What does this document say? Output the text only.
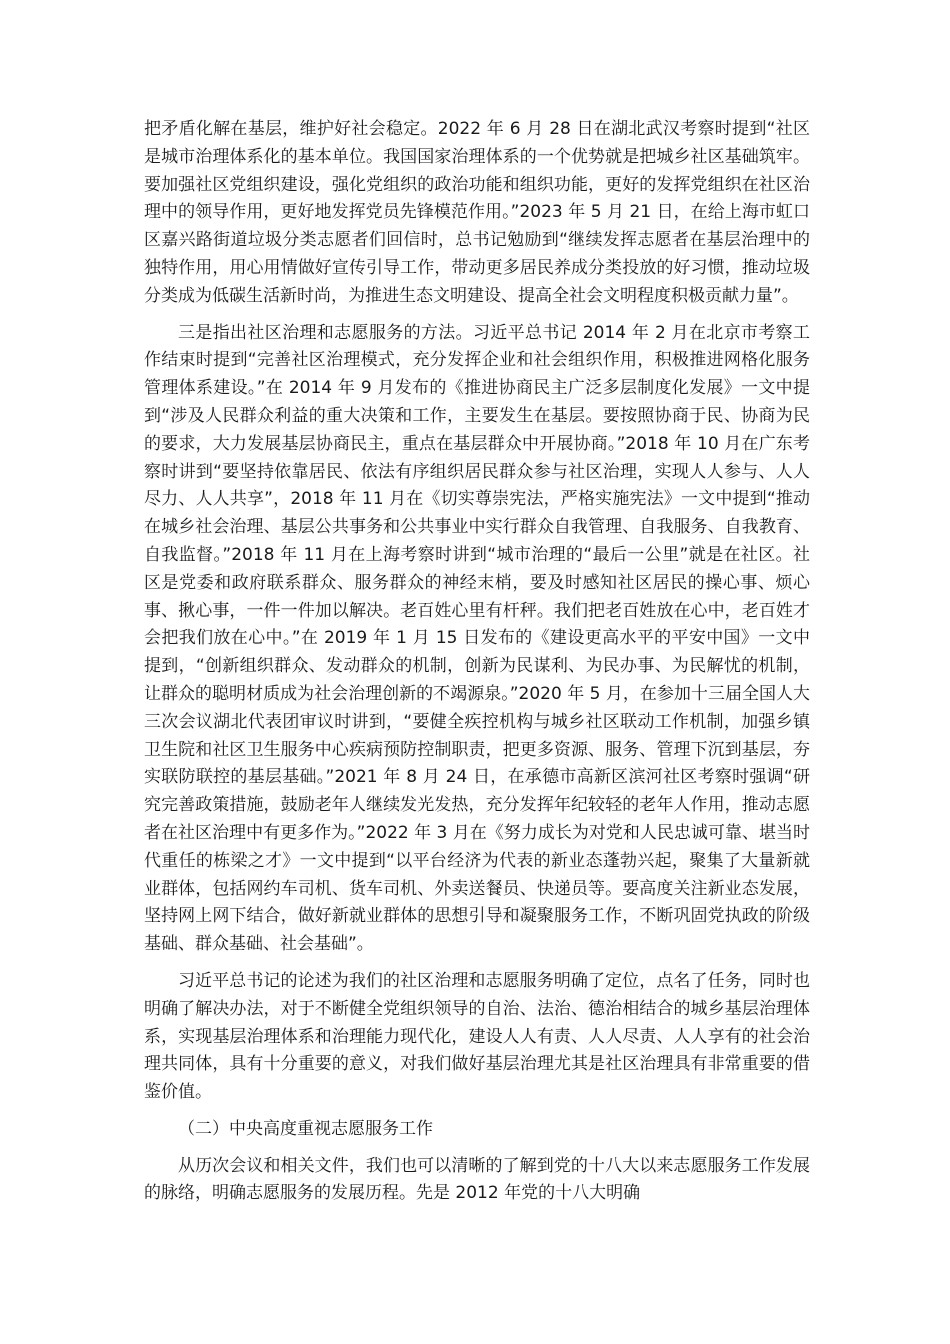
把矛盾化解在基层，维护好社会稳定。2022 年 6 月 28 日在湖北武汉考察时提到“社区是城市治理体系化的基本单位。我国国家治理体系的一个优势就是把城乡社区基础筑牢。要加强社区党组织建设，强化党组织的政治功能和组织功能，更好的发挥党组织在社区治理中的领导作用，更好地发挥党员先锋模范作用。”2023 年 5 月 21 日，在给上海市虹口区嘉兴路街道垃圾分类志愿者们回信时，总书记勉励到“继续发挥志愿者在基层治理中的独特作用，用心用情做好宣传引导工作，带动更多居民养成分类投放的好习惯，推动垃圾分类成为低碳生活新时尚，为推进生态文明建设、提高全社会文明程度积极贡献力量”。

三是指出社区治理和志愿服务的方法。习近平总书记 2014 年 2 月在北京市考察工作结束时提到“完善社区治理模式，充分发挥企业和社会组织作用，积极推进网格化服务管理体系建设。”在 2014 年 9 月发布的《推进协商民主广泛多层制度化发展》一文中提到“涉及人民群众利益的重大决策和工作，主要发生在基层。要按照协商于民、协商为民的要求，大力发展基层协商民主，重点在基层群众中开展协商。”2018 年 10 月在广东考察时讲到“要坚持依靠居民、依法有序组织居民群众参与社区治理，实现人人参与、人人尽力、人人共享”，2018 年 11 月在《切实尊崇宪法，严格实施宪法》一文中提到“推动在城乡社会治理、基层公共事务和公共事业中实行群众自我管理、自我服务、自我教育、自我监督。”2018 年 11 月在上海考察时讲到“城市治理的“最后一公里”就是在社区。社区是党委和政府联系群众、服务群众的神经末梢，要及时感知社区居民的操心事、烦心事、揪心事，一件一件加以解决。老百姓心里有杆秤。我们把老百姓放在心中，老百姓才会把我们放在心中。”在 2019 年 1 月 15 日发布的《建设更高水平的平安中国》一文中提到，“创新组织群众、发动群众的机制，创新为民谋利、为民办事、为民解忧的机制，让群众的聪明材质成为社会治理创新的不竭源泉。”2020 年 5 月，在参加十三届全国人大三次会议湖北代表团审议时讲到，“要健全疾控机构与城乡社区联动工作机制，加强乡镇卫生院和社区卫生服务中心疾病预防控制职责，把更多资源、服务、管理下沉到基层，夯实联防联控的基层基础。”2021 年 8 月 24 日，在承德市高新区滨河社区考察时强调“研究完善政策措施，鼓励老年人继续发光发热，充分发挥年纪较轻的老年人作用，推动志愿者在社区治理中有更多作为。”2022 年 3 月在《努力成长为对党和人民忠诚可靠、堪当时代重任的栋梁之才》一文中提到“以平台经济为代表的新业态蓬勃兴起，聚集了大量新就业群体，包括网约车司机、货车司机、外卖送餐员、快递员等。要高度关注新业态发展，坚持网上网下结合，做好新就业群体的思想引导和凝聚服务工作，不断巩固党执政的阶级基础、群众基础、社会基础”。

习近平总书记的论述为我们的社区治理和志愿服务明确了定位，点名了任务，同时也明确了解决办法，对于不断健全党组织领导的自治、法治、德治相结合的城乡基层治理体系，实现基层治理体系和治理能力现代化，建设人人有责、人人尽责、人人享有的社会治理共同体，具有十分重要的意义，对我们做好基层治理尤其是社区治理具有非常重要的借鉴价值。

（二）中央高度重视志愿服务工作

从历次会议和相关文件，我们也可以清晰的了解到党的十八大以来志愿服务工作发展的脉络，明确志愿服务的发展历程。先是 2012 年党的十八大明确
